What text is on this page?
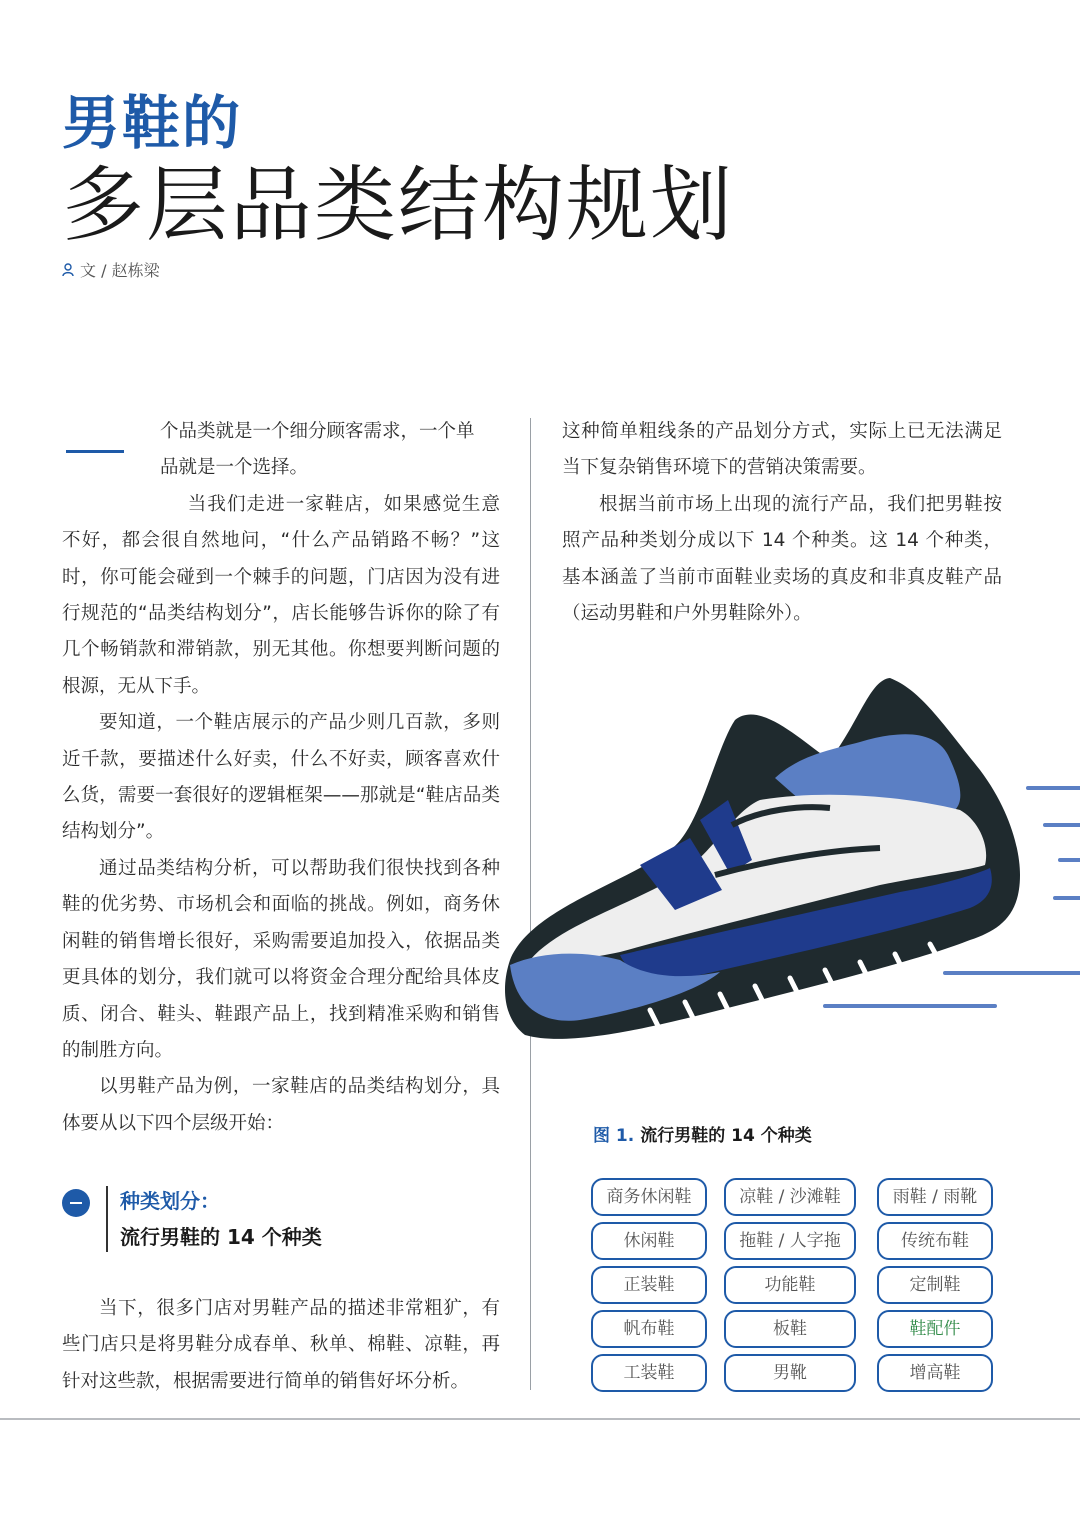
男鞋的
多层品类结构规划
文 / 赵栋梁

个品类就是一个细分顾客需求，一个单
品就是一个选择。

当我们走进一家鞋店，如果感觉生意不好，都会很自然地问，“什么产品销路不畅？”这时，你可能会碰到一个棘手的问题，门店因为没有进行规范的“品类结构划分”，店长能够告诉你的除了有几个畅销款和滞销款，别无其他。你想要判断问题的根源，无从下手。

要知道，一个鞋店展示的产品少则几百款，多则近千款，要描述什么好卖，什么不好卖，顾客喜欢什么货，需要一套很好的逻辑框架——那就是“鞋店品类结构划分”。

通过品类结构分析，可以帮助我们很快找到各种鞋的优劣势、市场机会和面临的挑战。例如，商务休闲鞋的销售增长很好，采购需要追加投入，依据品类更具体的划分，我们就可以将资金合理分配给具体皮质、闭合、鞋头、鞋跟产品上，找到精准采购和销售的制胜方向。

以男鞋产品为例，一家鞋店的品类结构划分，具体要从以下四个层级开始：

种类划分：
流行男鞋的 14 个种类

当下，很多门店对男鞋产品的描述非常粗犷，有些门店只是将男鞋分成春单、秋单、棉鞋、凉鞋，再针对这些款，根据需要进行简单的销售好坏分析。

这种简单粗线条的产品划分方式，实际上已无法满足当下复杂销售环境下的营销决策需要。

根据当前市场上出现的流行产品，我们把男鞋按照产品种类划分成以下 14 个种类。这 14 个种类，基本涵盖了当前市面鞋业卖场的真皮和非真皮鞋产品（运动男鞋和户外男鞋除外）。

图 1. 流行男鞋的 14 个种类
商务休闲鞋	凉鞋 / 沙滩鞋	雨鞋 / 雨靴
休闲鞋	拖鞋 / 人字拖	传统布鞋
正装鞋	功能鞋	定制鞋
帆布鞋	板鞋	鞋配件
工装鞋	男靴	增高鞋
